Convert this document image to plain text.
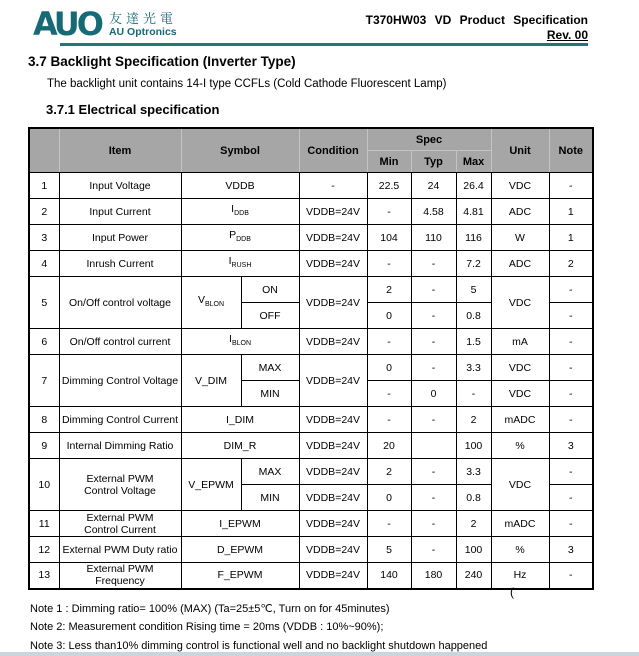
AUO 友達光電
AU Optronics
T370HW03 VD Product Specification
Rev. 00
3.7 Backlight Specification (Inverter Type)
The backlight unit contains 14-I type CCFLs (Cold Cathode Fluorescent Lamp)
3.7.1 Electrical specification
	Item	Symbol		Condition	Spec			Unit	Note
					Min	Typ	Max		
1	Input Voltage	VDDB		-	22.5	24	26.4	VDC	-
2	Input Current	$I_{DDB}$		VDDB=24V	-	4.58	4.81	ADC	1
3	Input Power	$P_{DDB}$		VDDB=24V	104	110	116	W	1
4	Inrush Current	$I_{RUSH}$		VDDB=24V	-	-	7.2	ADC	2
5	On/Off control voltage	$V_{BLON}$	ON	VDDB=24V	2	-	5	VDC	-
			OFF		0	-	0.8		-
6	On/Off control current	$I_{BLON}$		VDDB=24V	-	-	1.5	mA	-
7	Dimming Control Voltage	V_DIM	MAX	VDDB=24V	0	-	3.3	VDC	-
			MIN		-	0	-	VDC	-
8	Dimming Control Current	I_DIM		VDDB=24V	-	-	2	mADC	-
9	Internal Dimming Ratio	DIM_R		VDDB=24V	20		100	%	3
10	External PWM
Control Voltage	V_EPWM	MAX	VDDB=24V	2	-	3.3	VDC	-
			MIN	VDDB=24V	0	-	0.8		-
11	External PWM
Control Current	I_EPWM		VDDB=24V	-	-	2	mADC	-
12	External PWM Duty ratio	D_EPWM		VDDB=24V	5	-	100	%	3
13	External PWM
Frequency	F_EPWM		VDDB=24V	140	180	240	Hz	-
(
Note 1 : Dimming ratio= 100% (MAX) (Ta=25±5℃, Turn on for 45minutes)
Note 2: Measurement condition Rising time = 20ms (VDDB : 10%~90%);
Note 3: Less than10% dimming control is functional well and no backlight shutdown happened
